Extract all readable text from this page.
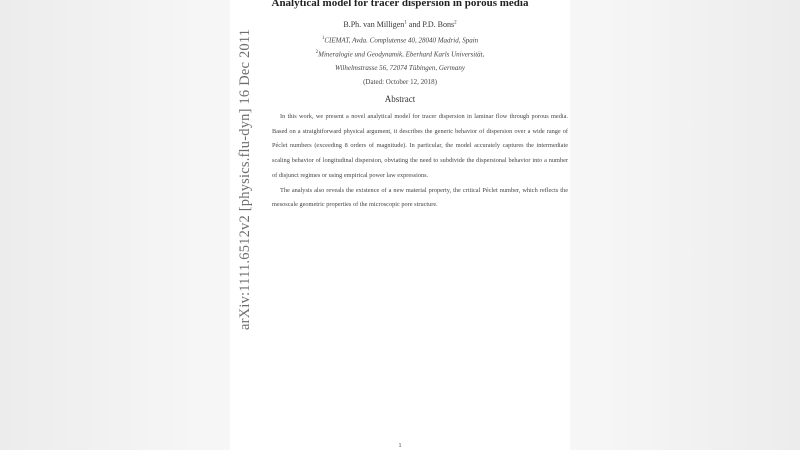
arXiv:1111.6512v2 [physics.flu-dyn] 16 Dec 2011
Analytical model for tracer dispersion in porous media
B.Ph. van Milligen$^1$ and P.D. Bons$^2$
$^1$CIEMAT, Avda. Complutense 40, 28040 Madrid, Spain
$^2$Mineralogie und Geodynamik, Eberhard Karls Universität,
Wilhelmstrasse 56, 72074 Tübingen, Germany
(Dated: October 12, 2018)
Abstract

In this work, we present a novel analytical model for tracer dispersion in laminar flow through porous media. Based on a straightforward physical argument, it describes the generic behavior of dispersion over a wide range of Péclet numbers (exceeding 8 orders of magnitude). In particular, the model accurately captures the intermediate scaling behavior of longitudinal dispersion, obviating the need to subdivide the dispersional behavior into a number of disjunct regimes or using empirical power law expressions.

The analysis also reveals the existence of a new material property, the critical Péclet number, which reflects the mesoscale geometric properties of the microscopic pore structure.

1
